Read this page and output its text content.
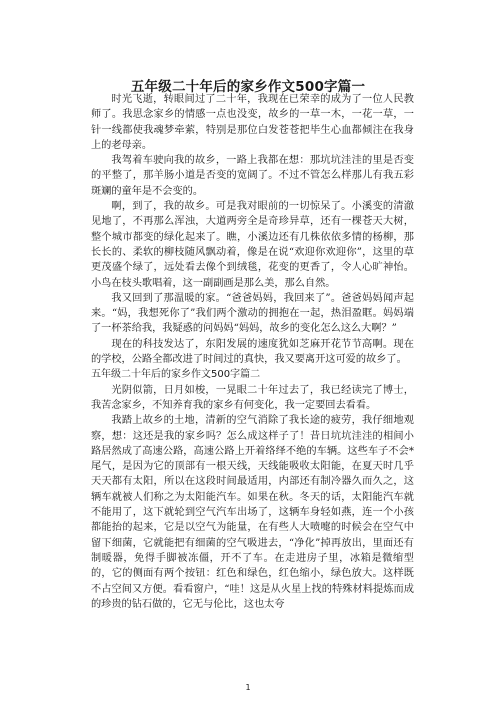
五年级二十年后的家乡作文500字篇一

时光飞逝，转眼间过了二十年，我现在已荣幸的成为了一位人民教师了。我思念家乡的情感一点也没变，故乡的一草一木，一花一草，一针一线都使我魂梦牵萦，特别是那位白发苍苍把毕生心血都倾注在我身上的老母亲。

我驾着车驶向我的故乡，一路上我都在想：那坑坑洼洼的里是否变的平整了，那羊肠小道是否变的宽阔了。不过不管怎么样那儿有我五彩斑斓的童年是不会变的。

啊，到了，我的故乡。可是我对眼前的一切惊呆了。小溪变的清澈见地了，不再那么浑浊，大道两旁全是奇珍异草，还有一棵苍天大树，整个城市都变的绿化起来了。瞧，小溪边还有几株依依多情的杨柳，那长长的、柔软的柳枝随风飘动着，像是在说“欢迎你欢迎你”，这里的草更茂盛个绿了，远处看去像个到绒毯，花变的更香了，令人心旷神怡。小鸟在枝头歌唱着，这一副副画是那么美，那么自然。

我又回到了那温暖的家。“爸爸妈妈，我回来了”。爸爸妈妈闻声起来。“妈，我想死你了”我们两个激动的拥抱在一起，热泪盈眶。妈妈端了一杯茶给我，我疑惑的问妈妈“妈妈，故乡的变化怎么这么大啊？”

现在的科技发达了，东阳发展的速度犹如芝麻开花节节高啊。现在的学校，公路全都改进了时间过的真快，我又要离开这可爱的故乡了。

五年级二十年后的家乡作文500字篇二

光阴似箭，日月如梭，一晃眼二十年过去了，我已经读完了博士，我苦念家乡，不知养育我的家乡有何变化，我一定要回去看看。

我踏上故乡的土地，清新的空气消除了我长途的疲劳，我仔细地观察，想：这还是我的家乡吗？怎么成这样子了！昔日坑坑洼洼的相间小路居然成了高速公路，高速公路上开着络绎不绝的车辆。这些车子不会*尾气，是因为它的顶部有一根天线，天线能吸收太阳能，在夏天时几乎天天都有太阳，所以在这段时间最适用，内部还有制冷器久而久之，这辆车就被人们称之为太阳能汽车。如果在秋。冬天的话，太阳能汽车就不能用了，这下就轮到空气汽车出场了，这辆车身轻如燕，连一个小孩都能抬的起来，它是以空气为能量，在有些人大喷嚏的时候会在空气中留下细菌，它就能把有细菌的空气吸进去，“净化”掉再放出，里面还有制暖器，免得手脚被冻僵，开不了车。在走进房子里，冰箱是微缩型的，它的侧面有两个按钮：红色和绿色，红色缩小，绿色放大。这样既不占空间又方便。看看窗户，“哇！这是从火星上找的特殊材料提炼而成的珍贵的钻石做的，它无与伦比，这也太夸

1
